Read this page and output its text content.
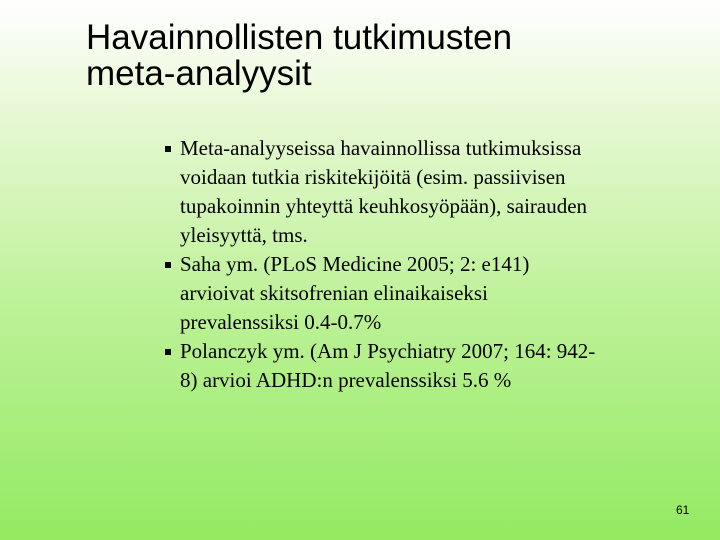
Havainnollisten tutkimusten
meta-analyysit
Meta-analyyseissa havainnollissa tutkimuksissa
voidaan tutkia riskitekijöitä (esim. passiivisen
tupakoinnin yhteyttä keuhkosyöpään), sairauden
yleisyyttä, tms.
Saha ym. (PLoS Medicine 2005; 2: e141)
arvioivat skitsofrenian elinaikaiseksi
prevalenssiksi 0.4-0.7%
Polanczyk ym. (Am J Psychiatry 2007; 164: 942-
8) arvioi ADHD:n prevalenssiksi 5.6 %
61
